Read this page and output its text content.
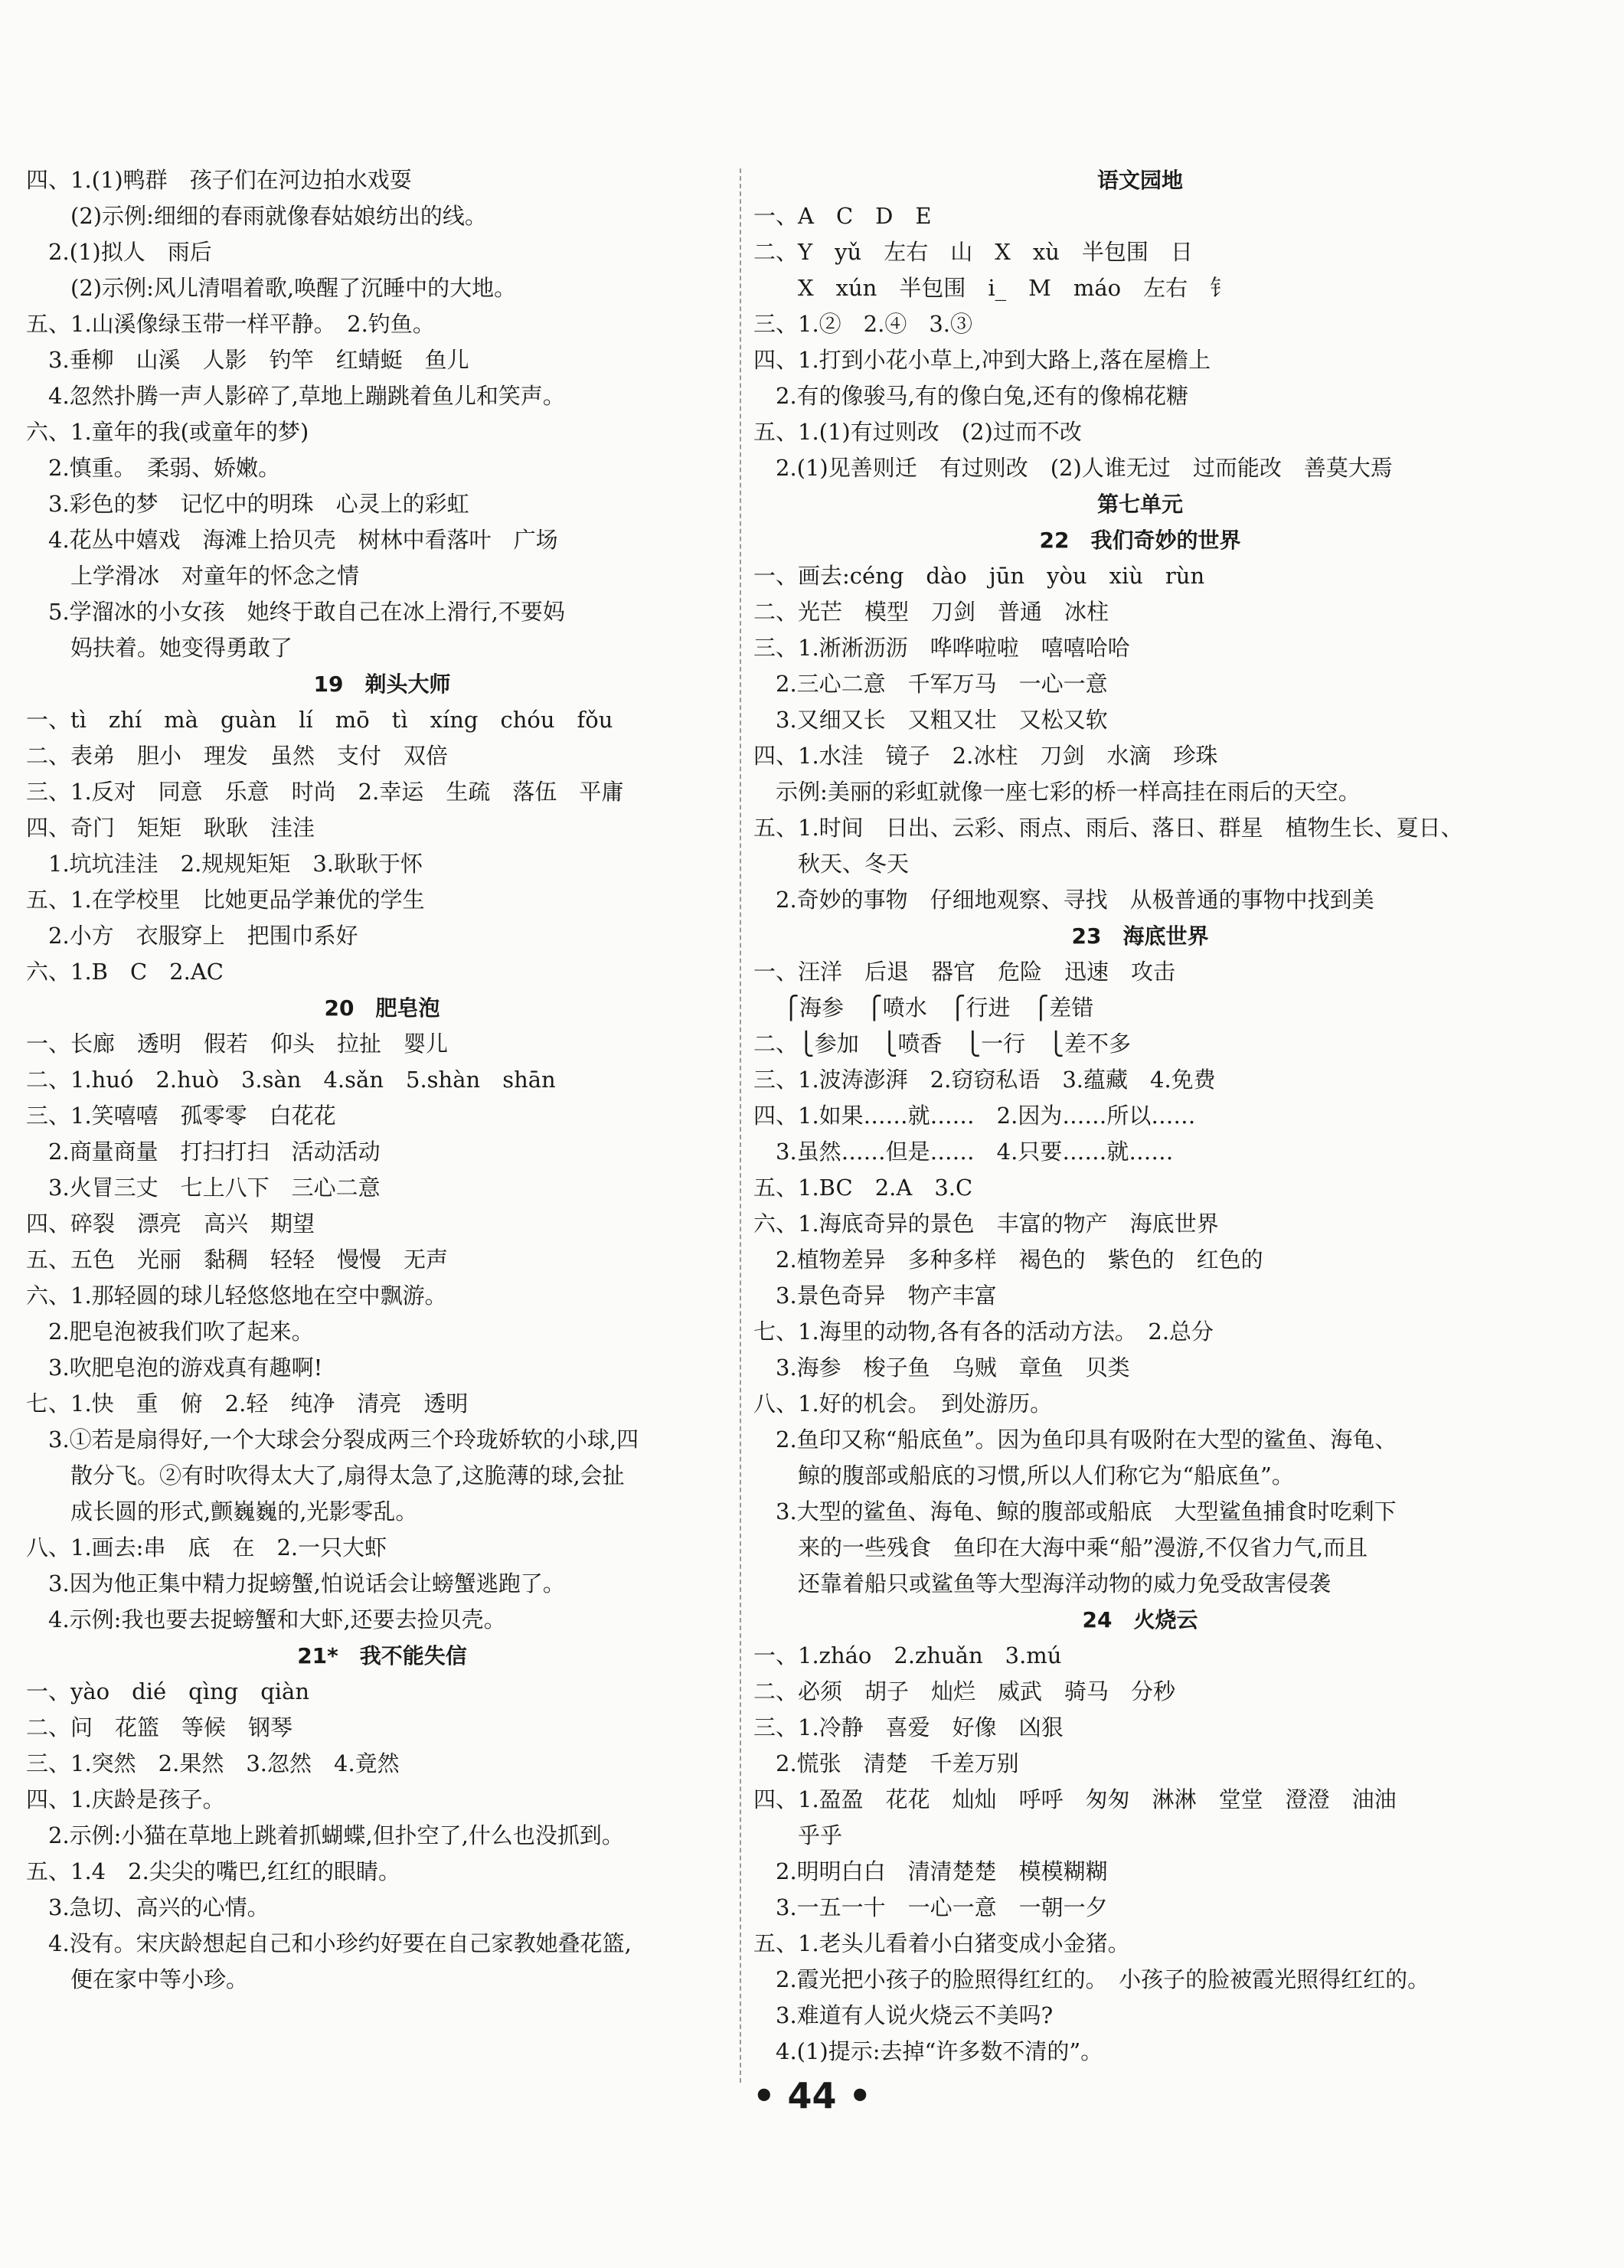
四、1.(1)鸭群　孩子们在河边拍水戏耍
　　(2)示例:细细的春雨就像春姑娘纺出的线。
　2.(1)拟人　雨后
　　(2)示例:风儿清唱着歌,唤醒了沉睡中的大地。
五、1.山溪像绿玉带一样平静。　2.钓鱼。
　3.垂柳　山溪　人影　钓竿　红蜻蜓　鱼儿
　4.忽然扑腾一声人影碎了,草地上蹦跳着鱼儿和笑声。
六、1.童年的我(或童年的梦)
　2.慎重。　柔弱、娇嫩。
　3.彩色的梦　记忆中的明珠　心灵上的彩虹
　4.花丛中嬉戏　海滩上拾贝壳　树林中看落叶　广场
　　上学滑冰　对童年的怀念之情
　5.学溜冰的小女孩　她终于敢自己在冰上滑行,不要妈
　　妈扶着。她变得勇敢了
19　剃头大师
一、tì　zhí　mà　guàn　lí　mō　tì　xíng　chóu　fǒu
二、表弟　胆小　理发　虽然　支付　双倍
三、1.反对　同意　乐意　时尚　2.幸运　生疏　落伍　平庸
四、奇门　矩矩　耿耿　洼洼
　1.坑坑洼洼　2.规规矩矩　3.耿耿于怀
五、1.在学校里　比她更品学兼优的学生
　2.小方　衣服穿上　把围巾系好
六、1.B　C　2.AC
20　肥皂泡
一、长廊　透明　假若　仰头　拉扯　婴儿
二、1.huó　2.huò　3.sàn　4.sǎn　5.shàn　shān
三、1.笑嘻嘻　孤零零　白花花
　2.商量商量　打扫打扫　活动活动
　3.火冒三丈　七上八下　三心二意
四、碎裂　漂亮　高兴　期望
五、五色　光丽　黏稠　轻轻　慢慢　无声
六、1.那轻圆的球儿轻悠悠地在空中飘游。
　2.肥皂泡被我们吹了起来。
　3.吹肥皂泡的游戏真有趣啊!
七、1.快　重　俯　2.轻　纯净　清亮　透明
　3.①若是扇得好,一个大球会分裂成两三个玲珑娇软的小球,四
　　散分飞。②有时吹得太大了,扇得太急了,这脆薄的球,会扯
　　成长圆的形式,颤巍巍的,光影零乱。
八、1.画去:串　底　在　2.一只大虾
　3.因为他正集中精力捉螃蟹,怕说话会让螃蟹逃跑了。
　4.示例:我也要去捉螃蟹和大虾,还要去捡贝壳。
21*　我不能失信
一、yào　dié　qìng　qiàn
二、问　花篮　等候　钢琴
三、1.突然　2.果然　3.忽然　4.竟然
四、1.庆龄是孩子。
　2.示例:小猫在草地上跳着抓蝴蝶,但扑空了,什么也没抓到。
五、1.4　2.尖尖的嘴巴,红红的眼睛。
　3.急切、高兴的心情。
　4.没有。宋庆龄想起自己和小珍约好要在自己家教她叠花篮,
　　便在家中等小珍。
语文园地
一、A　C　D　E
二、Y　yǔ　左右　山　X　xù　半包围　日
　　X　xún　半包围　i_　M　máo　左右　钅
三、1.②　2.④　3.③
四、1.打到小花小草上,冲到大路上,落在屋檐上
　2.有的像骏马,有的像白兔,还有的像棉花糖
五、1.(1)有过则改　(2)过而不改
　2.(1)见善则迁　有过则改　(2)人谁无过　过而能改　善莫大焉
第七单元
22　我们奇妙的世界
一、画去:céng　dào　jūn　yòu　xiù　rùn
二、光芒　模型　刀剑　普通　冰柱
三、1.淅淅沥沥　哗哗啦啦　嘻嘻哈哈
　2.三心二意　千军万马　一心一意
　3.又细又长　又粗又壮　又松又软
四、1.水洼　镜子　2.冰柱　刀剑　水滴　珍珠
　示例:美丽的彩虹就像一座七彩的桥一样高挂在雨后的天空。
五、1.时间　日出、云彩、雨点、雨后、落日、群星　植物生长、夏日、
　　秋天、冬天
　2.奇妙的事物　仔细地观察、寻找　从极普通的事物中找到美
23　海底世界
一、汪洋　后退　器官　危险　迅速　攻击
　 ⎧海参　⎧喷水　⎧行进　⎧差错
二、⎩参加　⎩喷香　⎩一行　⎩差不多
三、1.波涛澎湃　2.窃窃私语　3.蕴藏　4.免费
四、1.如果……就……　2.因为……所以……
　3.虽然……但是……　4.只要……就……
五、1.BC　2.A　3.C
六、1.海底奇异的景色　丰富的物产　海底世界
　2.植物差异　多种多样　褐色的　紫色的　红色的
　3.景色奇异　物产丰富
七、1.海里的动物,各有各的活动方法。　2.总分
　3.海参　梭子鱼　乌贼　章鱼　贝类
八、1.好的机会。　到处游历。
　2.鱼印又称“船底鱼”。因为鱼印具有吸附在大型的鲨鱼、海龟、
　　鲸的腹部或船底的习惯,所以人们称它为“船底鱼”。
　3.大型的鲨鱼、海龟、鲸的腹部或船底　大型鲨鱼捕食时吃剩下
　　来的一些残食　鱼印在大海中乘“船”漫游,不仅省力气,而且
　　还靠着船只或鲨鱼等大型海洋动物的威力免受敌害侵袭
24　火烧云
一、1.zháo　2.zhuǎn　3.mú
二、必须　胡子　灿烂　威武　骑马　分秒
三、1.冷静　喜爱　好像　凶狠
　2.慌张　清楚　千差万别
四、1.盈盈　花花　灿灿　呼呼　匆匆　淋淋　堂堂　澄澄　油油
　　乎乎
　2.明明白白　清清楚楚　模模糊糊
　3.一五一十　一心一意　一朝一夕
五、1.老头儿看着小白猪变成小金猪。
　2.霞光把小孩子的脸照得红红的。　小孩子的脸被霞光照得红红的。
　3.难道有人说火烧云不美吗?
　4.(1)提示:去掉“许多数不清的”。
• 44 •
